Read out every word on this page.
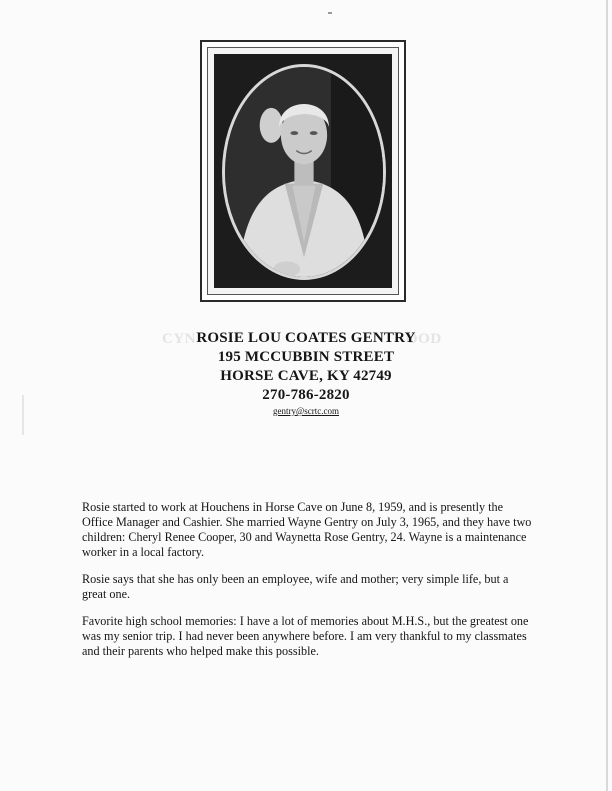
CYN	OOD
ROSIE LOU COATES GENTRY
195 MCCUBBIN STREET
HORSE CAVE, KY 42749
270-786-2820
gentry@scrtc.com

Rosie started to work at Houchens in Horse Cave on June 8, 1959, and is presently the Office Manager and Cashier. She married Wayne Gentry on July 3, 1965, and they have two children: Cheryl Renee Cooper, 30 and Waynetta Rose Gentry, 24. Wayne is a maintenance worker in a local factory.

Rosie says that she has only been an employee, wife and mother; very simple life, but a great one.

Favorite high school memories: I have a lot of memories about M.H.S., but the greatest one was my senior trip. I had never been anywhere before. I am very thankful to my classmates and their parents who helped make this possible.
